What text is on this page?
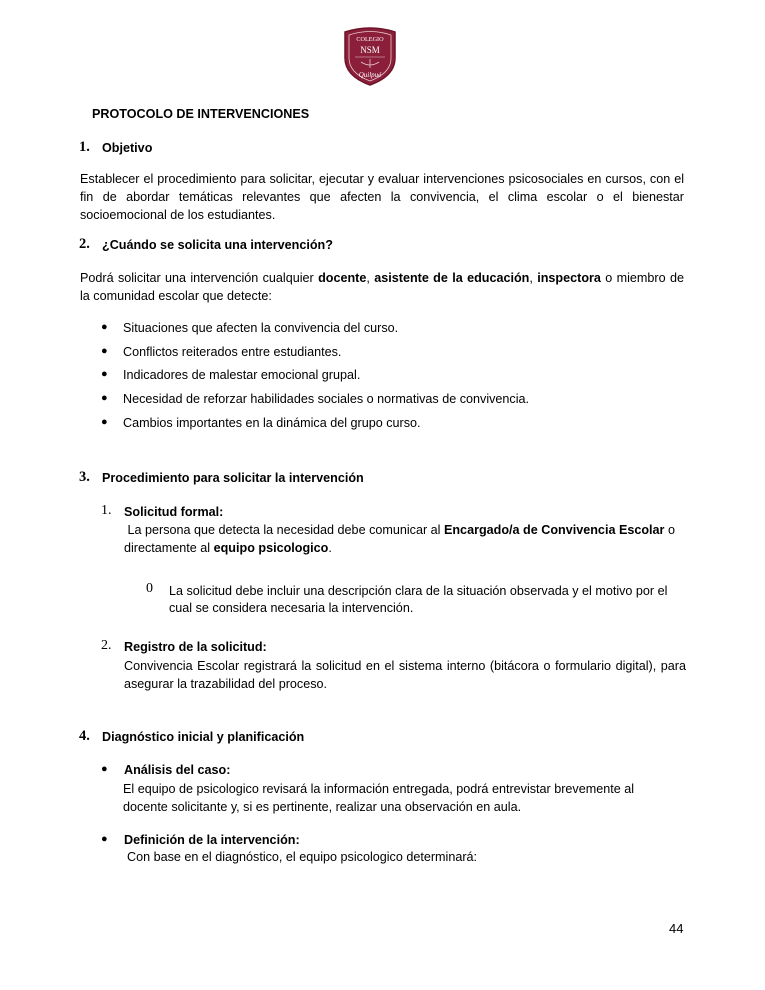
COLEGIO
NSM
Quilpué
PROTOCOLO DE INTERVENCIONES
1. Objetivo
Establecer el procedimiento para solicitar, ejecutar y evaluar intervenciones psicosociales en cursos, con el fin de abordar temáticas relevantes que afecten la convivencia, el clima escolar o el bienestar socioemocional de los estudiantes.
2. ¿Cuándo se solicita una intervención?
Podrá solicitar una intervención cualquier docente, asistente de la educación, inspectora o miembro de la comunidad escolar que detecte:
● Situaciones que afecten la convivencia del curso.
● Conflictos reiterados entre estudiantes.
● Indicadores de malestar emocional grupal.
● Necesidad de reforzar habilidades sociales o normativas de convivencia.
● Cambios importantes en la dinámica del grupo curso.
3. Procedimiento para solicitar la intervención
1. Solicitud formal:
La persona que detecta la necesidad debe comunicar al Encargado/a de Convivencia Escolar o directamente al equipo psicologico.
0 La solicitud debe incluir una descripción clara de la situación observada y el motivo por el cual se considera necesaria la intervención.
2. Registro de la solicitud:
Convivencia Escolar registrará la solicitud en el sistema interno (bitácora o formulario digital), para asegurar la trazabilidad del proceso.
4. Diagnóstico inicial y planificación
● Análisis del caso:
El equipo de psicologico revisará la información entregada, podrá entrevistar brevemente al docente solicitante y, si es pertinente, realizar una observación en aula.
● Definición de la intervención:
Con base en el diagnóstico, el equipo psicologico determinará:
44
